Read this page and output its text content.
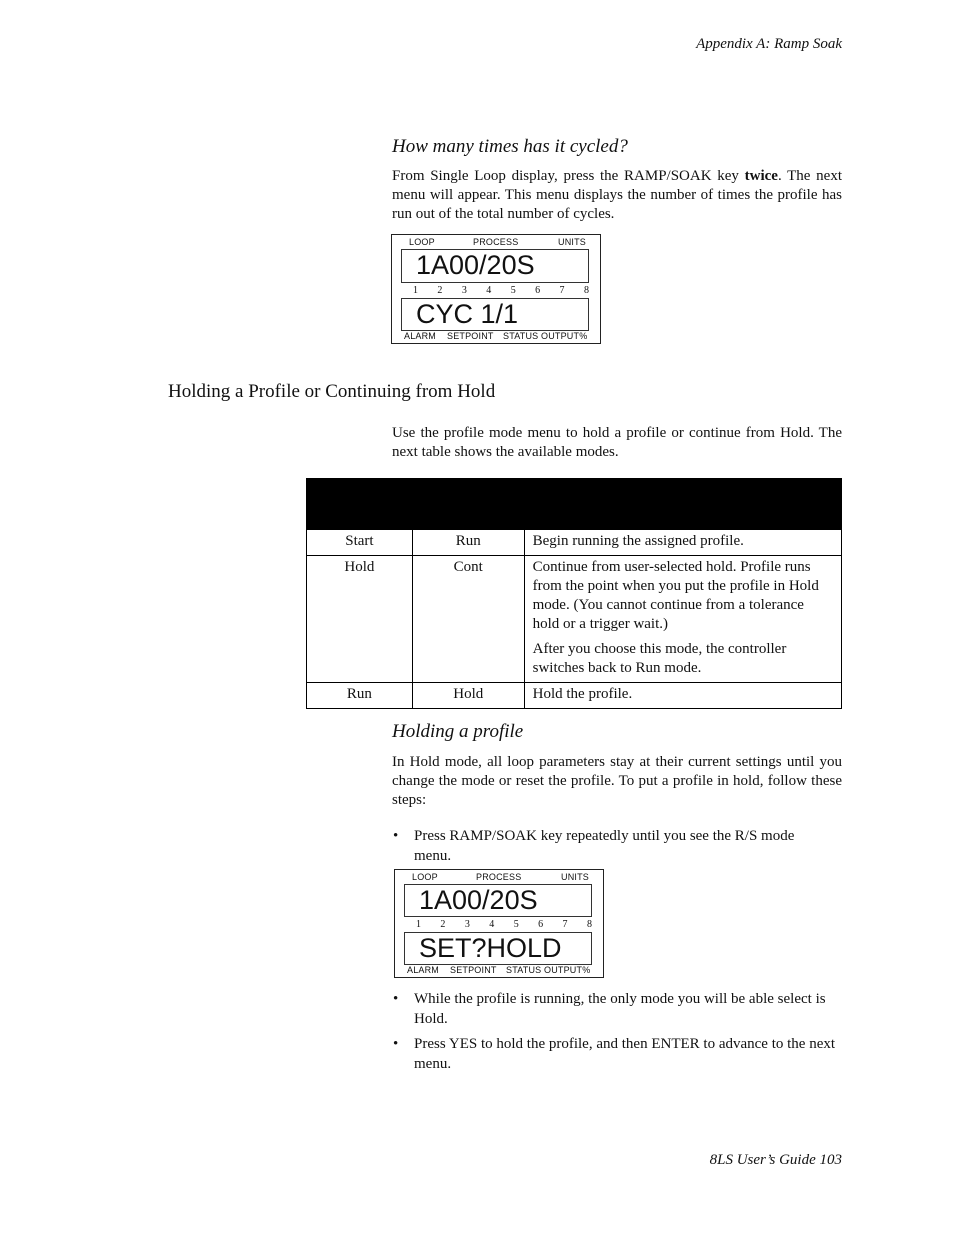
Appendix A: Ramp Soak
How many times has it cycled?
From Single Loop display, press the RAMP/SOAK key twice. The next menu will appear. This menu displays the number of times the profile has run out of the total number of cycles.
LOOP	PROCESS	UNITS
1A00/20S
1 2 3 4 5 6 7 8
CYC 1/1
ALARM SETPOINT STATUS OUTPUT%
Holding a Profile or Continuing from Hold
Use the profile mode menu to hold a profile or continue from Hold. The next table shows the available modes.

Start	Run	Begin running the assigned profile.

Hold	Cont	Continue from user-selected hold. Profile runs from the point when you put the profile in Hold mode. (You cannot continue from a tolerance hold or a trigger wait.)

After you choose this mode, the controller switches back to Run mode.

Run	Hold	Hold the profile.

Holding a profile
In Hold mode, all loop parameters stay at their current settings until you change the mode or reset the profile. To put a profile in hold, follow these steps:
• Press RAMP/SOAK key repeatedly until you see the R/S mode menu.
LOOP	PROCESS	UNITS
1A00/20S
1 2 3 4 5 6 7 8
SET?HOLD
ALARM SETPOINT STATUS OUTPUT%
• While the profile is running, the only mode you will be able select is Hold.
• Press YES to hold the profile, and then ENTER to advance to the next menu.
8LS User’s Guide 103
